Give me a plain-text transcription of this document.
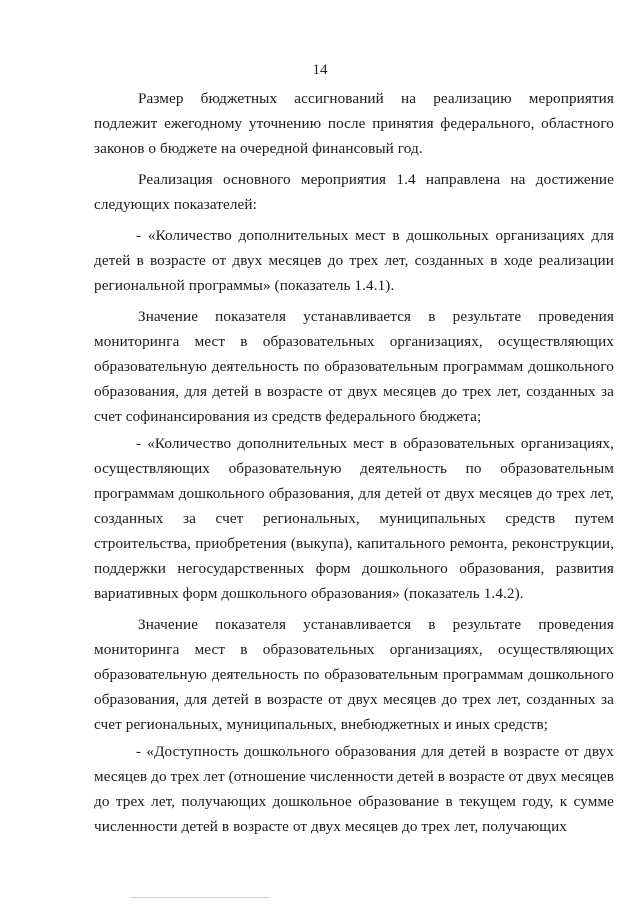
14

Размер бюджетных ассигнований на реализацию мероприятия подлежит ежегодному уточнению после принятия федерального, областного законов о бюджете на очередной финансовый год.

Реализация основного мероприятия 1.4 направлена на достижение следующих показателей:

- «Количество дополнительных мест в дошкольных организациях для детей в возрасте от двух месяцев до трех лет, созданных в ходе реализации региональной программы» (показатель 1.4.1).

Значение показателя устанавливается в результате проведения мониторинга мест в образовательных организациях, осуществляющих образовательную деятельность по образовательным программам дошкольного образования, для детей в возрасте от двух месяцев до трех лет, созданных за счет софинансирования из средств федерального бюджета;

- «Количество дополнительных мест в образовательных организациях, осуществляющих образовательную деятельность по образовательным программам дошкольного образования, для детей от двух месяцев до трех лет, созданных за счет региональных, муниципальных средств путем строительства, приобретения (выкупа), капитального ремонта, реконструкции, поддержки негосударственных форм дошкольного образования, развития вариативных форм дошкольного образования» (показатель 1.4.2).

Значение показателя устанавливается в результате проведения мониторинга мест в образовательных организациях, осуществляющих образовательную деятельность по образовательным программам дошкольного образования, для детей в возрасте от двух месяцев до трех лет, созданных за счет региональных, муниципальных, внебюджетных и иных средств;

- «Доступность дошкольного образования для детей в возрасте от двух месяцев до трех лет (отношение численности детей в возрасте от двух месяцев до трех лет, получающих дошкольное образование в текущем году, к сумме численности детей в возрасте от двух месяцев до трех лет, получающих
